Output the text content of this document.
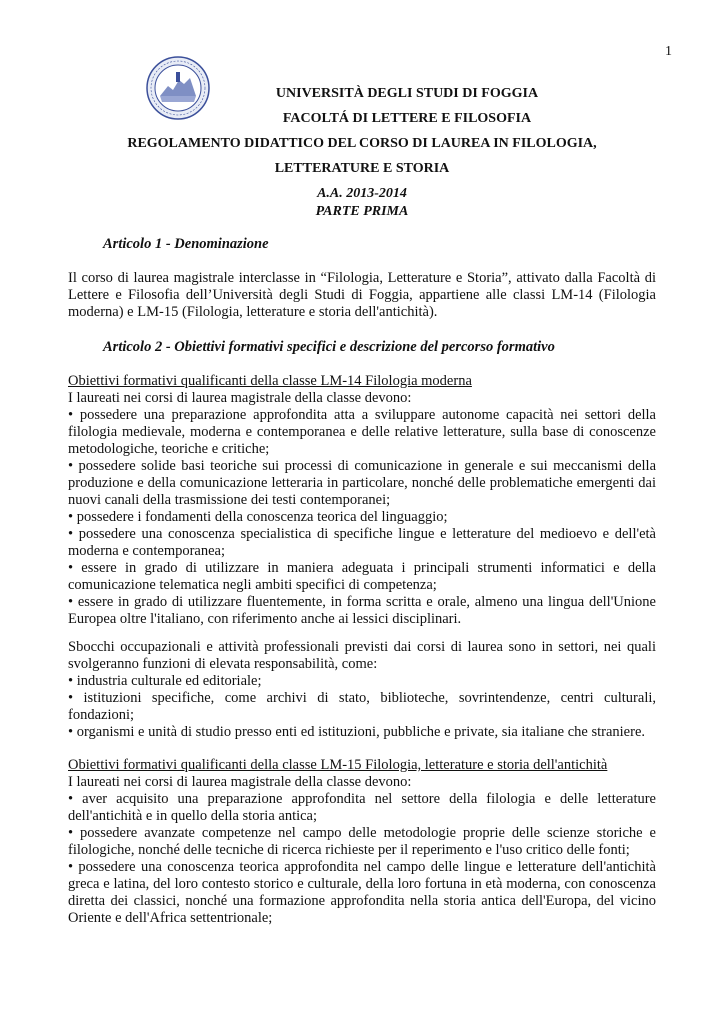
1
UNIVERSITÀ DEGLI STUDI DI FOGGIA
FACOLTÁ DI LETTERE E FILOSOFIA
REGOLAMENTO DIDATTICO DEL CORSO DI LAUREA IN FILOLOGIA,
LETTERATURE E STORIA
A.A. 2013-2014
PARTE PRIMA
Articolo 1 - Denominazione

Il corso di laurea magistrale interclasse in “Filologia, Letterature e Storia”, attivato dalla Facoltà di Lettere e Filosofia dell’Università degli Studi di Foggia, appartiene alle classi LM-14 (Filologia moderna) e LM-15 (Filologia, letterature e storia dell'antichità).

Articolo 2 - Obiettivi formativi specifici e descrizione del percorso formativo
Obiettivi formativi qualificanti della classe LM-14 Filologia moderna
I laureati nei corsi di laurea magistrale della classe devono:

• possedere una preparazione approfondita atta a sviluppare autonome capacità nei settori della filologia medievale, moderna e contemporanea e delle relative letterature, sulla base di conoscenze metodologiche, teoriche e critiche;

• possedere solide basi teoriche sui processi di comunicazione in generale e sui meccanismi della produzione e della comunicazione letteraria in particolare, nonché delle problematiche emergenti dai nuovi canali della trasmissione dei testi contemporanei;

• possedere i fondamenti della conoscenza teorica del linguaggio;

• possedere una conoscenza specialistica di specifiche lingue e letterature del medioevo e dell'età moderna e contemporanea;

• essere in grado di utilizzare in maniera adeguata i principali strumenti informatici e della comunicazione telematica negli ambiti specifici di competenza;

• essere in grado di utilizzare fluentemente, in forma scritta e orale, almeno una lingua dell'Unione Europea oltre l'italiano, con riferimento anche ai lessici disciplinari.

Sbocchi occupazionali e attività professionali previsti dai corsi di laurea sono in settori, nei quali svolgeranno funzioni di elevata responsabilità, come:

• industria culturale ed editoriale;

• istituzioni specifiche, come archivi di stato, biblioteche, sovrintendenze, centri culturali, fondazioni;

• organismi e unità di studio presso enti ed istituzioni, pubbliche e private, sia italiane che straniere.

Obiettivi formativi qualificanti della classe LM-15 Filologia, letterature e storia dell'antichità
I laureati nei corsi di laurea magistrale della classe devono:

• aver acquisito una preparazione approfondita nel settore della filologia e delle letterature dell'antichità e in quello della storia antica;

• possedere avanzate competenze nel campo delle metodologie proprie delle scienze storiche e filologiche, nonché delle tecniche di ricerca richieste per il reperimento e l'uso critico delle fonti;

• possedere una conoscenza teorica approfondita nel campo delle lingue e letterature dell'antichità greca e latina, del loro contesto storico e culturale, della loro fortuna in età moderna, con conoscenza diretta dei classici, nonché una formazione approfondita nella storia antica dell'Europa, del vicino Oriente e dell'Africa settentrionale;
